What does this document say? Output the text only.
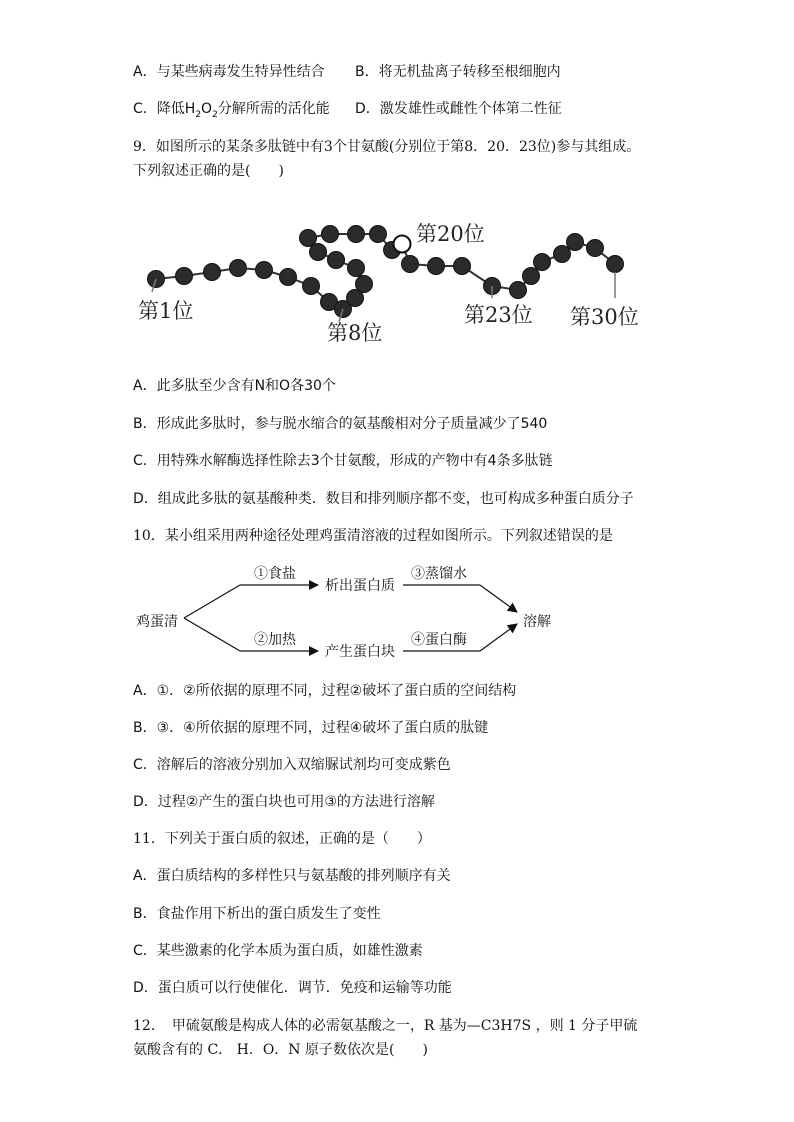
A．与某些病毒发生特异性结合 B．将无机盐离子转移至根细胞内
C．降低$H_2O_2$分解所需的活化能 D．激发雄性或雌性个体第二性征
9．如图所示的某条多肽链中有3个甘氨酸(分别位于第8．20．23位)参与其组成。
下列叙述正确的是(　　)
第1位
第8位
第20位
第23位 第30位
A．此多肽至少含有N和O各30个
B．形成此多肽时，参与脱水缩合的氨基酸相对分子质量减少了540
C．用特殊水解酶选择性除去3个甘氨酸，形成的产物中有4条多肽链
D．组成此多肽的氨基酸种类．数目和排列顺序都不变，也可构成多种蛋白质分子
10．某小组采用两种途径处理鸡蛋清溶液的过程如图所示。下列叙述错误的是
鸡蛋清
①食盐
析出蛋白质
③蒸馏水
②加热
产生蛋白块
④蛋白酶
溶解
A．①．②所依据的原理不同，过程②破坏了蛋白质的空间结构
B．③．④所依据的原理不同，过程④破坏了蛋白质的肽键
C．溶解后的溶液分别加入双缩脲试剂均可变成紫色
D．过程②产生的蛋白块也可用③的方法进行溶解
11．下列关于蛋白质的叙述，正确的是（　　）
A．蛋白质结构的多样性只与氨基酸的排列顺序有关
B．食盐作用下析出的蛋白质发生了变性
C．某些激素的化学本质为蛋白质，如雄性激素
D．蛋白质可以行使催化．调节．免疫和运输等功能
12．　甲硫氨酸是构成人体的必需氨基酸之一，R 基为—C3H7S ，则 1 分子甲硫
氨酸含有的 C． H．O．N 原子数依次是(　　)
